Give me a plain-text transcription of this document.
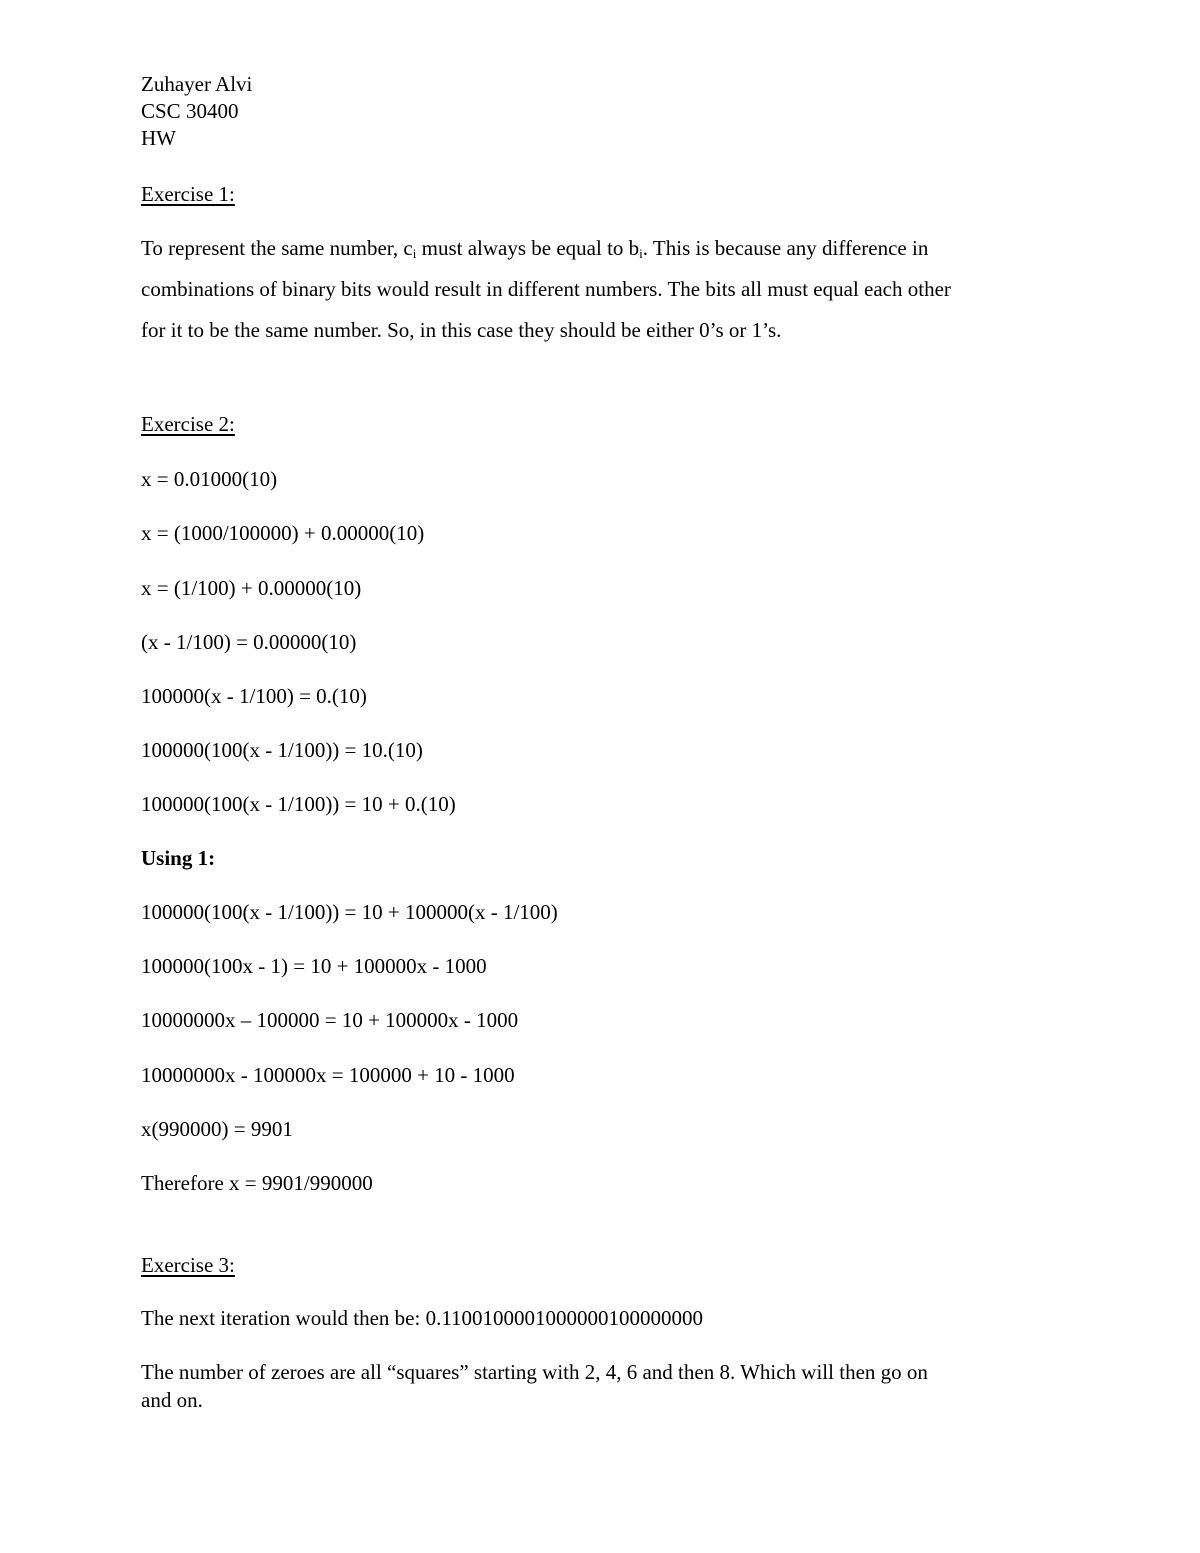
Zuhayer Alvi
CSC 30400
HW
Exercise 1:
To represent the same number, $c_i$ must always be equal to $b_i$. This is because any difference in
combinations of binary bits would result in different numbers. The bits all must equal each other
for it to be the same number. So, in this case they should be either 0’s or 1’s.
Exercise 2:
x = 0.01000(10)
x = (1000/100000) + 0.00000(10)
x = (1/100) + 0.00000(10)
(x - 1/100) = 0.00000(10)
100000(x - 1/100) = 0.(10)
100000(100(x - 1/100)) = 10.(10)
100000(100(x - 1/100)) = 10 + 0.(10)
Using 1:
100000(100(x - 1/100)) = 10 + 100000(x - 1/100)
100000(100x - 1) = 10 + 100000x - 1000
10000000x – 100000 = 10 + 100000x - 1000
10000000x - 100000x = 100000 + 10 - 1000
x(990000) = 9901
Therefore x = 9901/990000
Exercise 3:
The next iteration would then be: 0.1100100001000000100000000
The number of zeroes are all “squares” starting with 2, 4, 6 and then 8. Which will then go on
and on.
